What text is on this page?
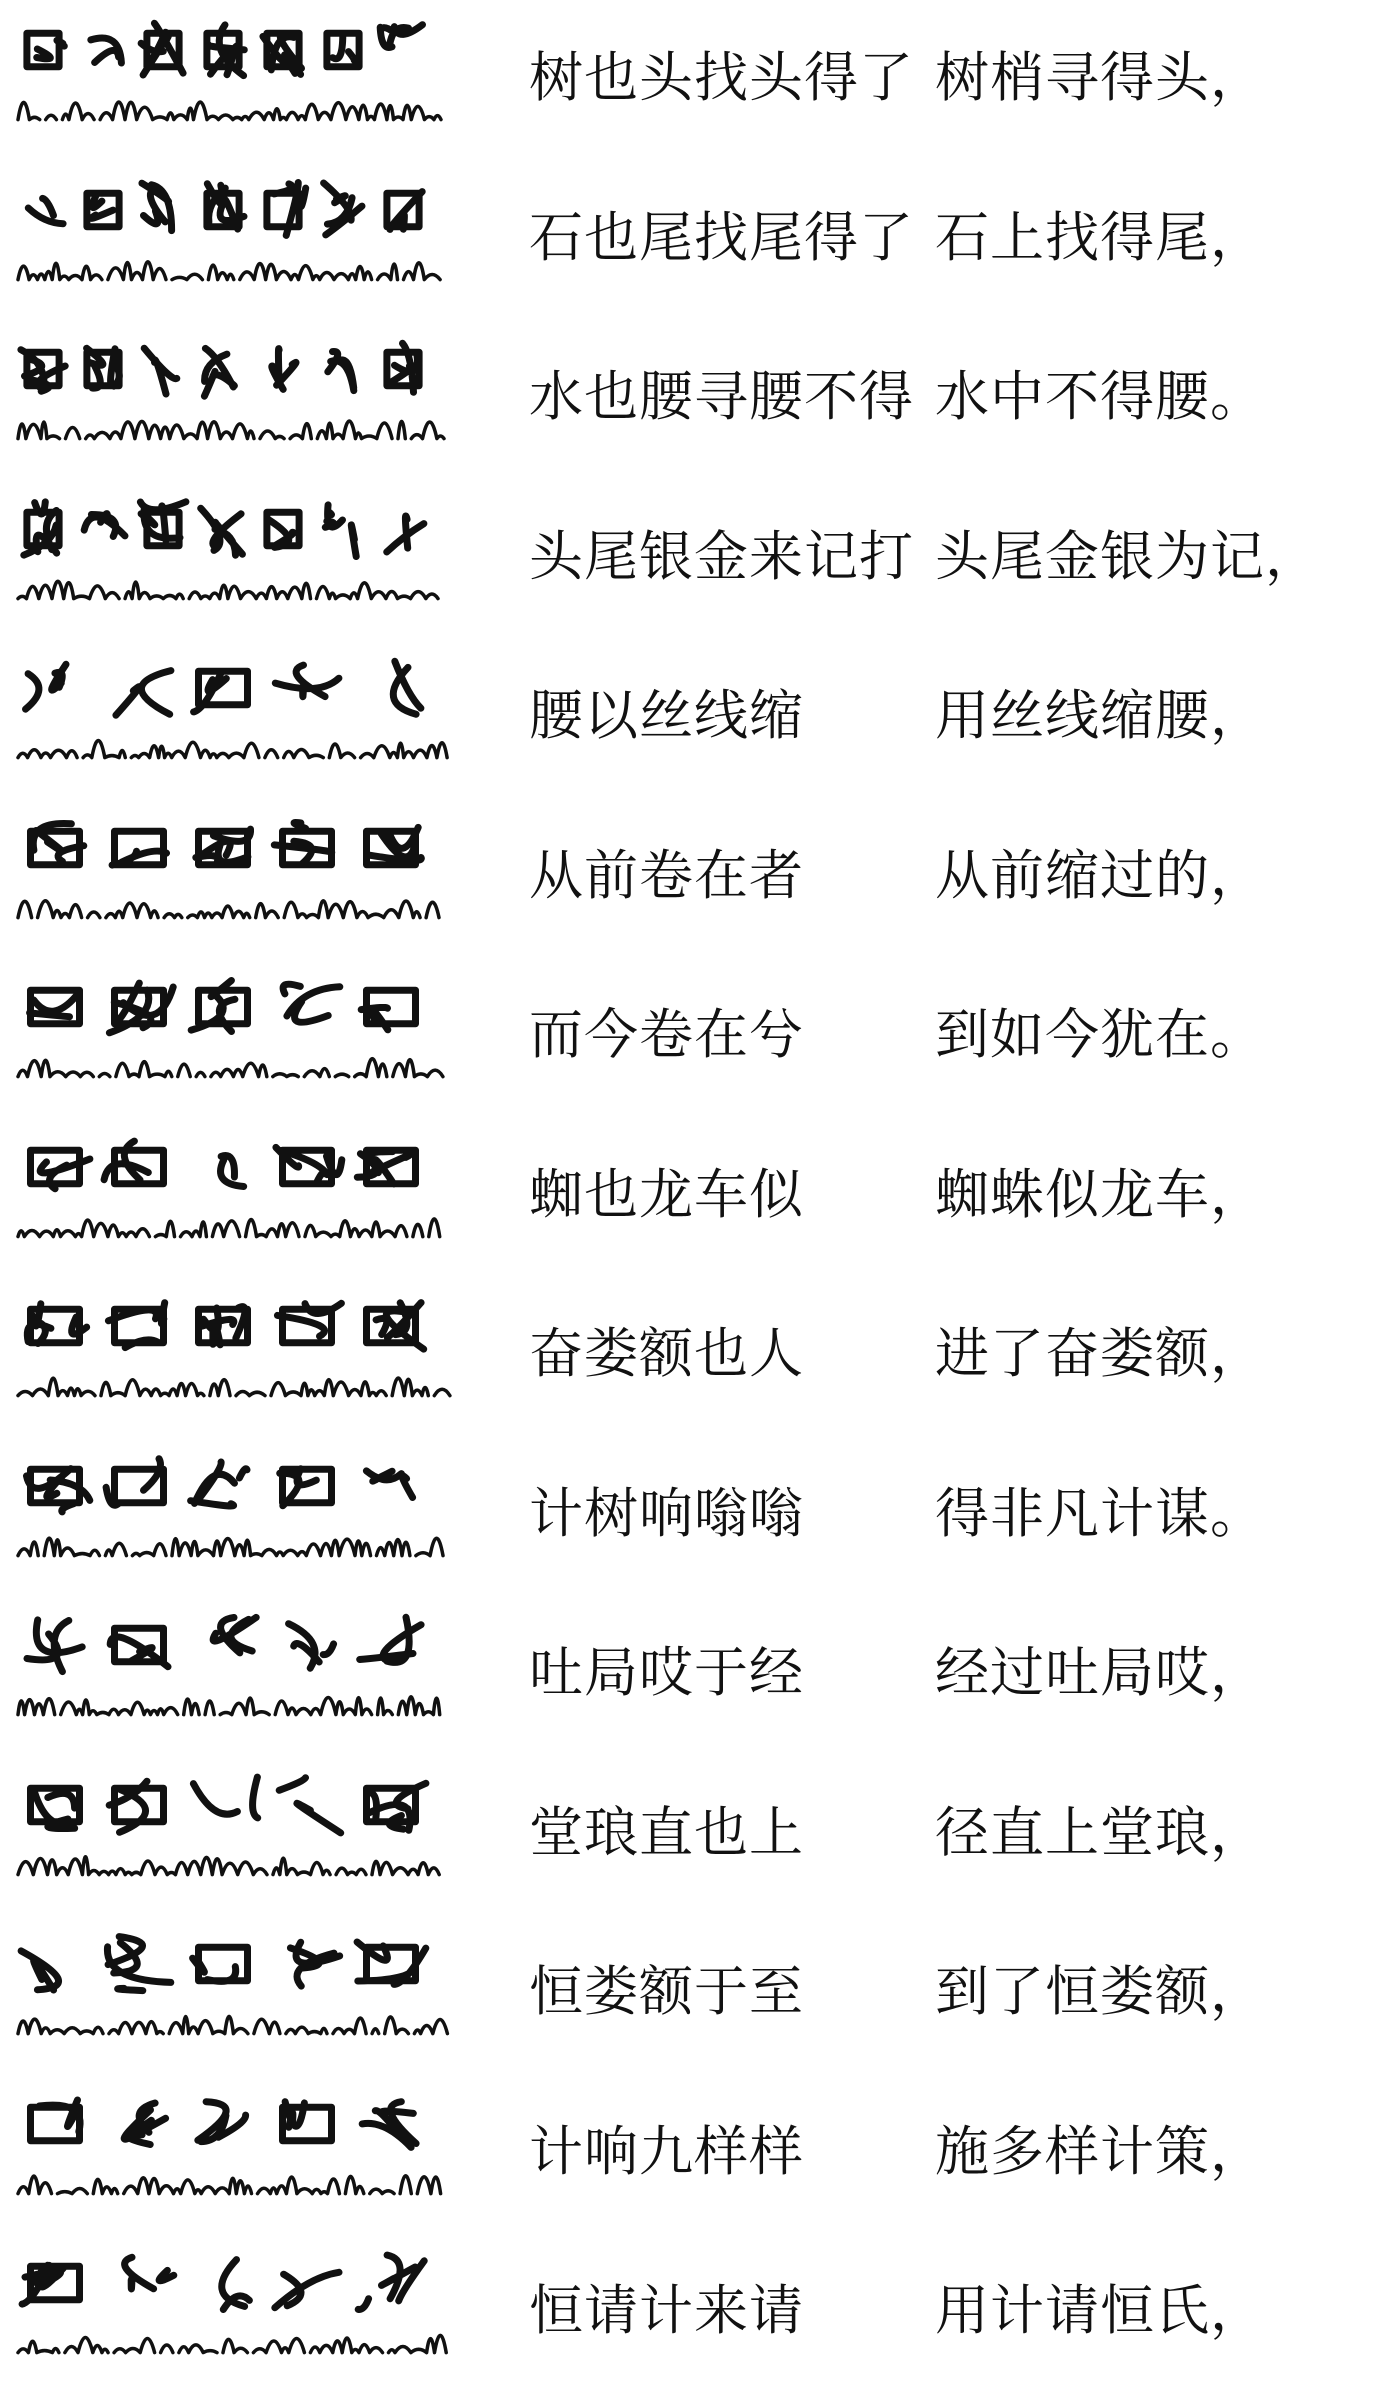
树也头找头得了 树梢寻得头，
石也尾找尾得了 石上找得尾，
水也腰寻腰不得 水中不得腰。
头尾银金来记打 头尾金银为记，
腰以丝线缩 用丝线缩腰，
从前卷在者 从前缩过的，
而今卷在兮 到如今犹在。
蜘也龙车似 蜘蛛似龙车，
奋娄额也人 进了奋娄额，
计树响嗡嗡 得非凡计谋。
吐局哎于经 经过吐局哎，
堂琅直也上 径直上堂琅，
恒娄额于至 到了恒娄额，
计响九样样 施多样计策，
恒请计来请 用计请恒氏，
